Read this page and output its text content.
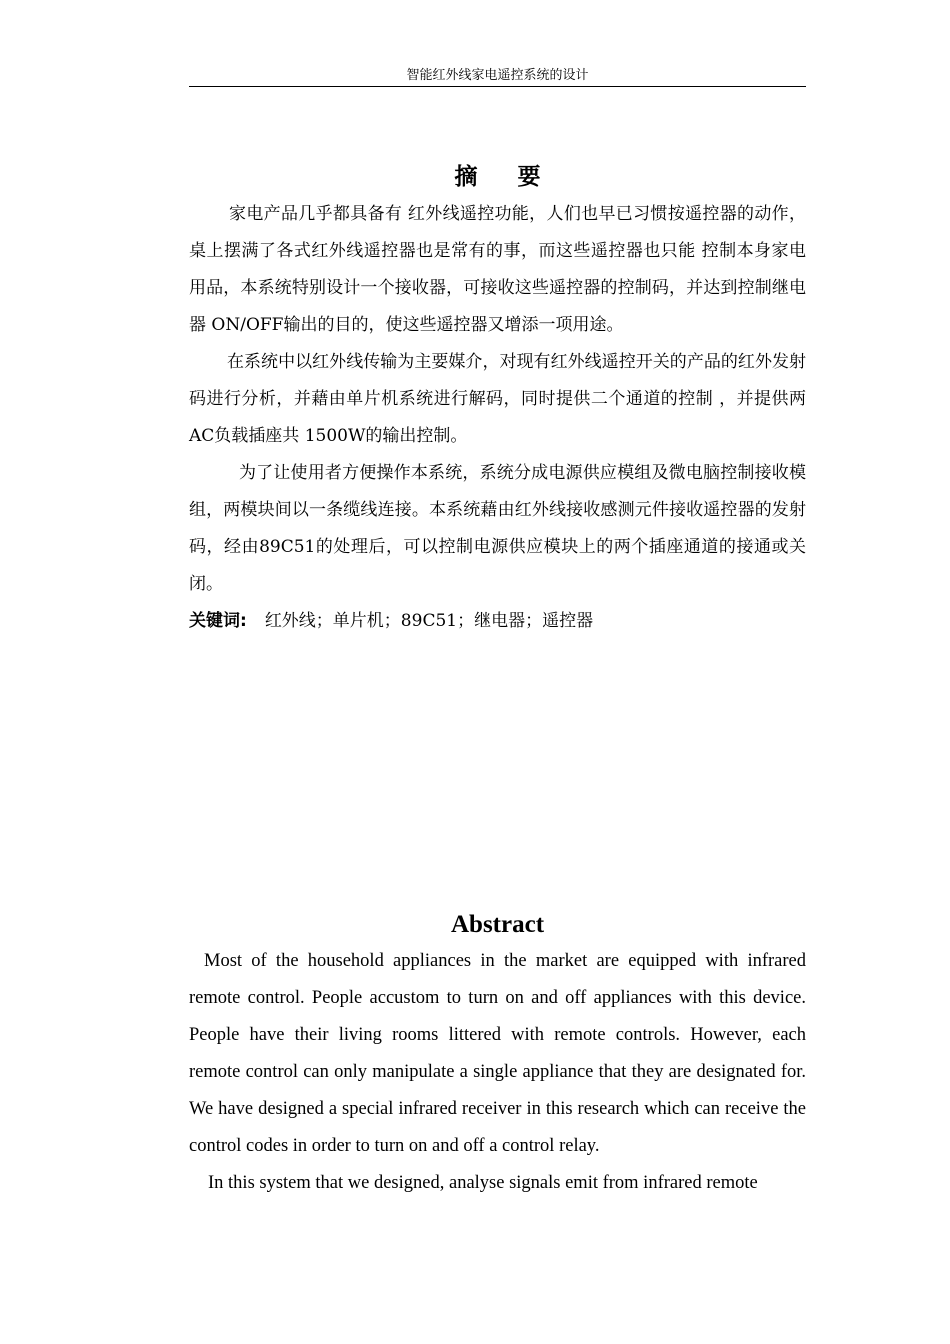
智能红外线家电遥控系统的设计
摘要

家电产品几乎都具备有 红外线遥控功能，人们也早已习惯按遥控器的动作，桌上摆满了各式红外线遥控器也是常有的事，而这些遥控器也只能 控制本身家电用品，本系统特别设计一个接收器，可接收这些遥控器的控制码，并达到控制继电器 ON/OFF输出的目的，使这些遥控器又增添一项用途。

在系统中以红外线传输为主要媒介，对现有红外线遥控开关的产品的红外发射码进行分析，并藉由单片机系统进行解码，同时提供二个通道的控制 ，并提供两AC负载插座共 1500W的输出控制。

为了让使用者方便操作本系统，系统分成电源供应模组及微电脑控制接收模组，两模块间以一条缆线连接。本系统藉由红外线接收感测元件接收遥控器的发射码，经由89C51的处理后，可以控制电源供应模块上的两个插座通道的接通或关闭。

关键词: 红外线；单片机；89C51；继电器；遥控器

Abstract

Most of the household appliances in the market are equipped with infrared remote control. People accustom to turn on and off appliances with this device. People have their living rooms littered with remote controls. However, each remote control can only manipulate a single appliance that they are designated for. We have designed a special infrared receiver in this research which can receive the control codes in order to turn on and off a control relay.

In this system that we designed, analyse signals emit from infrared remote
